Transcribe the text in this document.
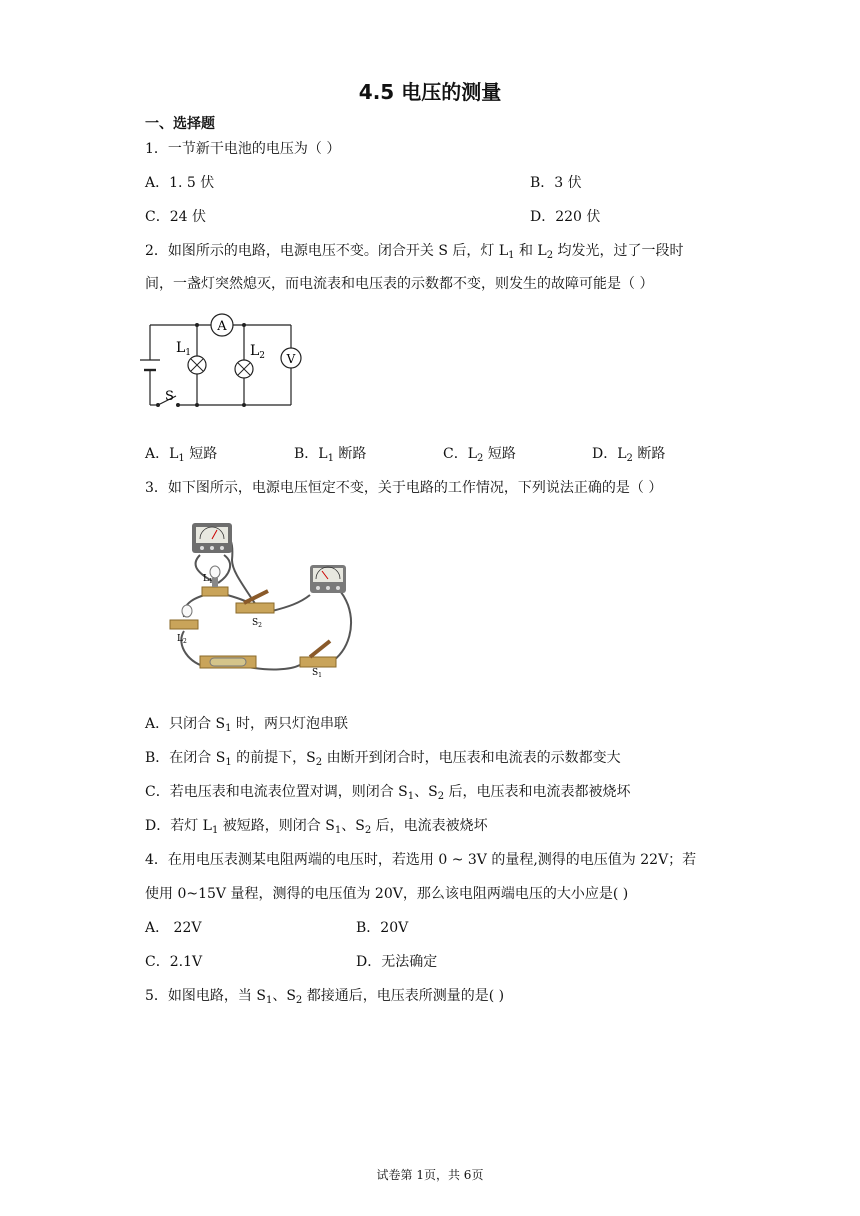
4.5 电压的测量
一、选择题
1．一节新干电池的电压为（ ）
A．1. 5 伏	B．3 伏
C．24 伏	D．220 伏
2．如图所示的电路，电源电压不变。闭合开关 S 后，灯 $L_1$ 和 $L_2$ 均发光，过了一段时
间，一盏灯突然熄灭，而电流表和电压表的示数都不变，则发生的故障可能是（ ）
A
$L_1$	$L_2$ V
S
A．$L_1$ 短路	B．$L_1$ 断路	C．$L_2$ 短路	D．$L_2$ 断路
3．如下图所示，电源电压恒定不变，关于电路的工作情况，下列说法正确的是（ ）
$L_1$
$L_2$
$S_2$
$S_1$
A．只闭合 $S_1$ 时，两只灯泡串联
B．在闭合 $S_1$ 的前提下，$S_2$ 由断开到闭合时，电压表和电流表的示数都变大
C．若电压表和电流表位置对调，则闭合 $S_1$、$S_2$ 后，电压表和电流表都被烧坏
D．若灯 $L_1$ 被短路，则闭合 $S_1$、$S_2$ 后，电流表被烧坏
4．在用电压表测某电阻两端的电压时，若选用 0 ~ 3V 的量程,测得的电压值为 22V；若
使用 0~15V 量程，测得的电压值为 20V，那么该电阻两端电压的大小应是( )
A． 22V	B．20V
C．2.1V	D．无法确定
5．如图电路，当 $S_1$、$S_2$ 都接通后，电压表所测量的是( )
试卷第 1页，共 6页
